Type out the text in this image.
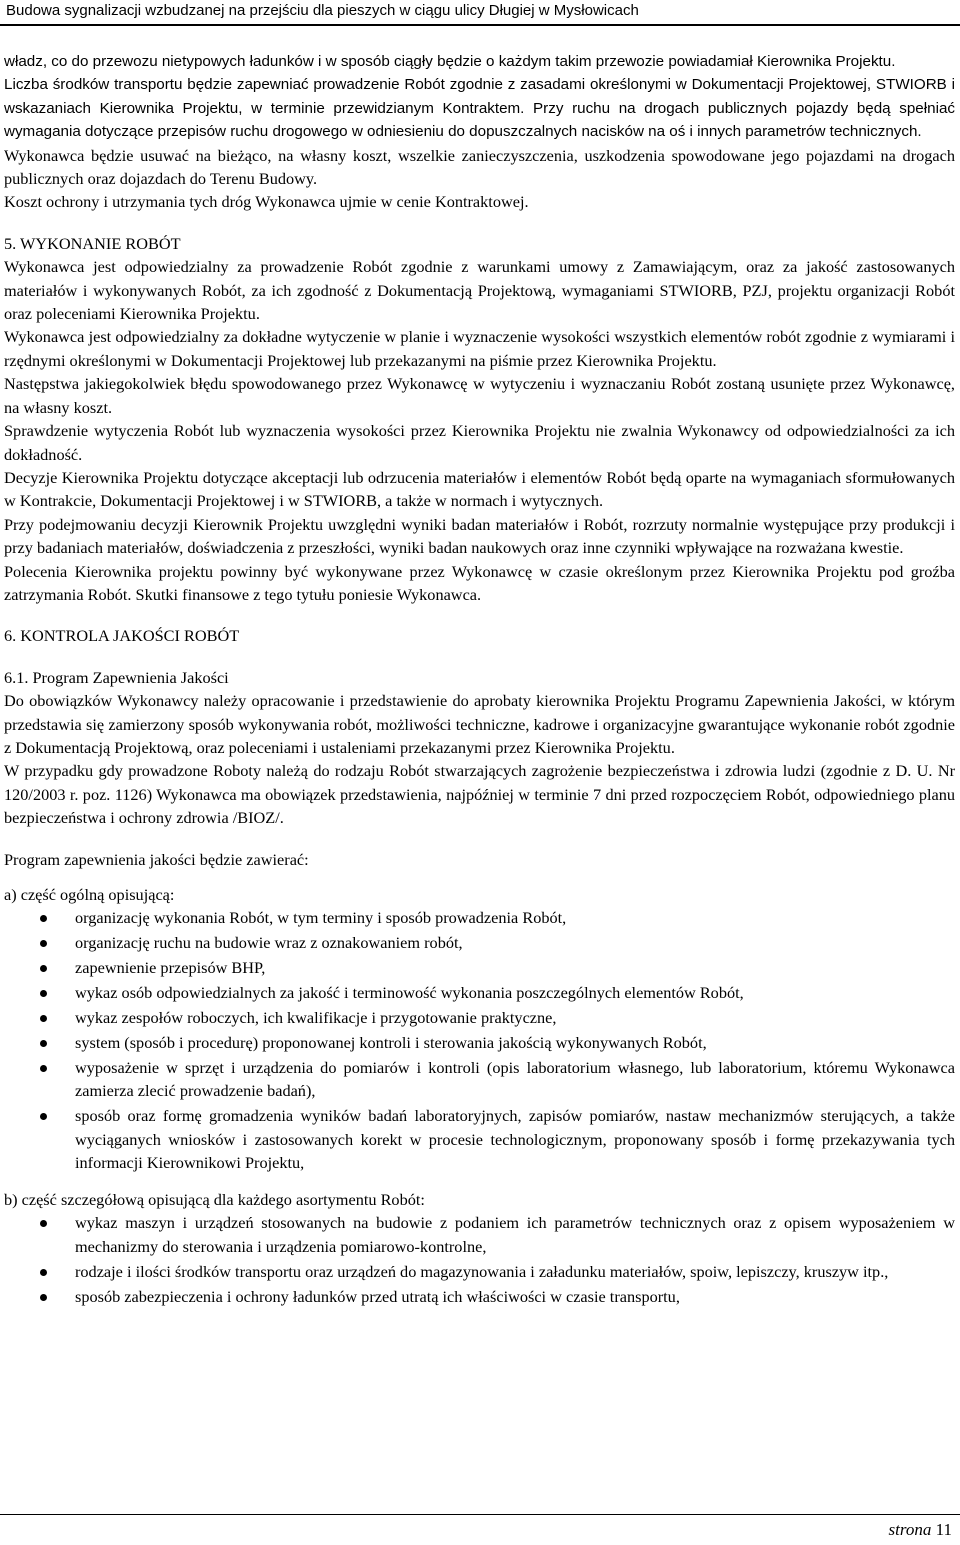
Budowa sygnalizacji wzbudzanej na przejściu dla pieszych w ciągu ulicy Długiej w Mysłowicach

władz, co do przewozu nietypowych ładunków i w sposób ciągły będzie o każdym takim przewozie powiadamiał Kierownika Projektu.

Liczba środków transportu będzie zapewniać prowadzenie Robót zgodnie z zasadami określonymi w Dokumentacji Projektowej, STWIORB i wskazaniach Kierownika Projektu, w terminie przewidzianym Kontraktem. Przy ruchu na drogach publicznych pojazdy będą spełniać wymagania dotyczące przepisów ruchu drogowego w odniesieniu do dopuszczalnych nacisków na oś i innych parametrów technicznych.

Wykonawca będzie usuwać na bieżąco, na własny koszt, wszelkie zanieczyszczenia, uszkodzenia spowodowane jego pojazdami na drogach publicznych oraz dojazdach do Terenu Budowy.

Koszt ochrony i utrzymania tych dróg Wykonawca ujmie w cenie Kontraktowej.

5. WYKONANIE ROBÓT

Wykonawca jest odpowiedzialny za prowadzenie Robót zgodnie z warunkami umowy z Zamawiającym, oraz za jakość zastosowanych materiałów i wykonywanych Robót, za ich zgodność z Dokumentacją Projektową, wymaganiami STWIORB, PZJ, projektu organizacji Robót oraz poleceniami Kierownika Projektu.

Wykonawca jest odpowiedzialny za dokładne wytyczenie w planie i wyznaczenie wysokości wszystkich elementów robót zgodnie z wymiarami i rzędnymi określonymi w Dokumentacji Projektowej lub przekazanymi na piśmie przez Kierownika Projektu.

Następstwa jakiegokolwiek błędu spowodowanego przez Wykonawcę w wytyczeniu i wyznaczaniu Robót zostaną usunięte przez Wykonawcę, na własny koszt.

Sprawdzenie wytyczenia Robót lub wyznaczenia wysokości przez Kierownika Projektu nie zwalnia Wykonawcy od odpowiedzialności za ich dokładność.

Decyzje Kierownika Projektu dotyczące akceptacji lub odrzucenia materiałów i elementów Robót będą oparte na wymaganiach sformułowanych w Kontrakcie, Dokumentacji Projektowej i w STWIORB, a także w normach i wytycznych.

Przy podejmowaniu decyzji Kierownik Projektu uwzględni wyniki badan materiałów i Robót, rozrzuty normalnie występujące przy produkcji i przy badaniach materiałów, doświadczenia z przeszłości, wyniki badan naukowych oraz inne czynniki wpływające na rozważana kwestie.

Polecenia Kierownika projektu powinny być wykonywane przez Wykonawcę w czasie określonym przez Kierownika Projektu pod groźba zatrzymania Robót. Skutki finansowe z tego tytułu poniesie Wykonawca.

6. KONTROLA JAKOŚCI ROBÓT

6.1. Program Zapewnienia Jakości

Do obowiązków Wykonawcy należy opracowanie i przedstawienie do aprobaty kierownika Projektu Programu Zapewnienia Jakości, w którym przedstawia się zamierzony sposób wykonywania robót, możliwości techniczne, kadrowe i organizacyjne gwarantujące wykonanie robót zgodnie z Dokumentacją Projektową, oraz poleceniami i ustaleniami przekazanymi przez Kierownika Projektu.

W przypadku gdy prowadzone Roboty należą do rodzaju Robót stwarzających zagrożenie bezpieczeństwa i zdrowia ludzi (zgodnie z D. U. Nr 120/2003 r. poz. 1126) Wykonawca ma obowiązek przedstawienia, najpóźniej w terminie 7 dni przed rozpoczęciem Robót, odpowiedniego planu bezpieczeństwa i ochrony zdrowia /BIOZ/.

Program zapewnienia jakości będzie zawierać:

a) część ogólną opisującą:

organizację wykonania Robót, w tym terminy i sposób prowadzenia Robót,
organizację ruchu na budowie wraz z oznakowaniem robót,
zapewnienie przepisów BHP,
wykaz osób odpowiedzialnych za jakość i terminowość wykonania poszczególnych elementów Robót,
wykaz zespołów roboczych, ich kwalifikacje i przygotowanie praktyczne,
system (sposób i procedurę) proponowanej kontroli i sterowania jakością wykonywanych Robót,
wyposażenie w sprzęt i urządzenia do pomiarów i kontroli (opis laboratorium własnego, lub laboratorium, któremu Wykonawca zamierza zlecić prowadzenie badań),
sposób oraz formę gromadzenia wyników badań laboratoryjnych, zapisów pomiarów, nastaw mechanizmów sterujących, a także wyciąganych wniosków i zastosowanych korekt w procesie technologicznym, proponowany sposób i formę przekazywania tych informacji Kierownikowi Projektu,

b) część szczegółową opisującą dla każdego asortymentu Robót:

wykaz maszyn i urządzeń stosowanych na budowie z podaniem ich parametrów technicznych oraz z opisem wyposażeniem w mechanizmy do sterowania i urządzenia pomiarowo-kontrolne,
rodzaje i ilości środków transportu oraz urządzeń do magazynowania i załadunku materiałów, spoiw, lepiszczy, kruszyw itp.,
sposób zabezpieczenia i ochrony ładunków przed utratą ich właściwości w czasie transportu,
strona 11
